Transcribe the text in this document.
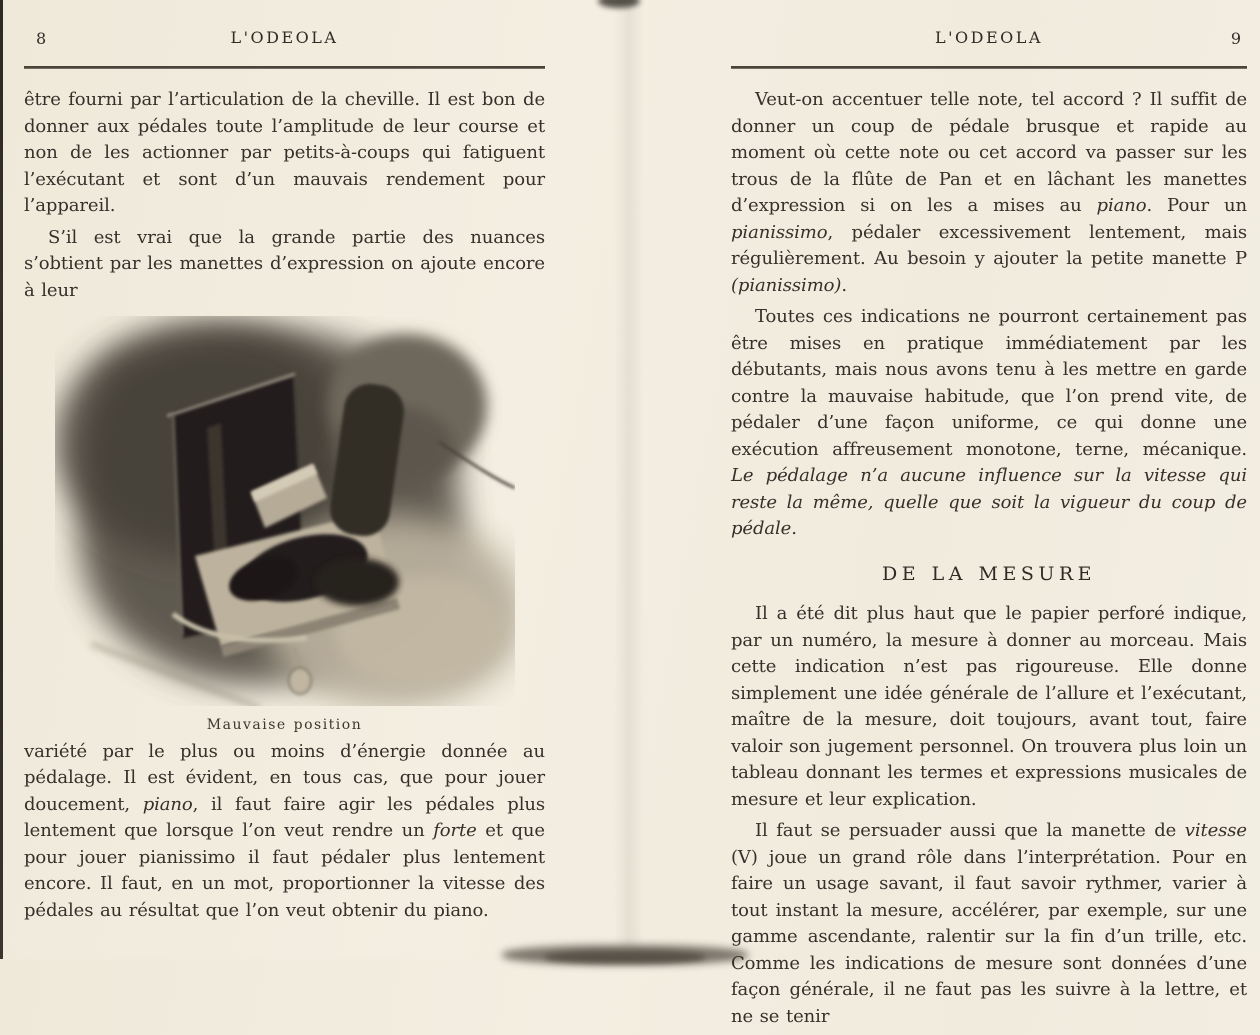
8	L'ODEOLA

être fourni par l’articulation de la cheville. Il est bon de donner aux pédales toute l’amplitude de leur course et non de les actionner par petits-à-coups qui fatiguent l’exécutant et sont d’un mauvais rendement pour l’appareil.

S’il est vrai que la grande partie des nuances s’obtient par les manettes d’expression on ajoute encore à leur

Mauvaise position

variété par le plus ou moins d’énergie donnée au pédalage. Il est évident, en tous cas, que pour jouer doucement, piano, il faut faire agir les pédales plus lentement que lorsque l’on veut rendre un forte et que pour jouer pianissimo il faut pédaler plus lentement encore. Il faut, en un mot, proportionner la vitesse des pédales au résultat que l’on veut obtenir du piano.

9
L'ODEOLA

Veut-on accentuer telle note, tel accord ? Il suffit de donner un coup de pédale brusque et rapide au moment où cette note ou cet accord va passer sur les trous de la flûte de Pan et en lâchant les manettes d’expression si on les a mises au piano. Pour un pianissimo, pédaler excessivement lentement, mais régulièrement. Au besoin y ajouter la petite manette P (pianissimo).

Toutes ces indications ne pourront certainement pas être mises en pratique immédiatement par les débutants, mais nous avons tenu à les mettre en garde contre la mauvaise habitude, que l’on prend vite, de pédaler d’une façon uniforme, ce qui donne une exécution affreusement monotone, terne, mécanique. Le pédalage n’a aucune influence sur la vitesse qui reste la même, quelle que soit la vigueur du coup de pédale.

DE LA MESURE

Il a été dit plus haut que le papier perforé indique, par un numéro, la mesure à donner au morceau. Mais cette indication n’est pas rigoureuse. Elle donne simplement une idée générale de l’allure et l’exécutant, maître de la mesure, doit toujours, avant tout, faire valoir son jugement personnel. On trouvera plus loin un tableau donnant les termes et expressions musicales de mesure et leur explication.

Il faut se persuader aussi que la manette de vitesse (V) joue un grand rôle dans l’interprétation. Pour en faire un usage savant, il faut savoir rythmer, varier à tout instant la mesure, accélérer, par exemple, sur une gamme ascendante, ralentir sur la fin d’un trille, etc. Comme les indications de mesure sont données d’une façon générale, il ne faut pas les suivre à la lettre, et ne se tenir
